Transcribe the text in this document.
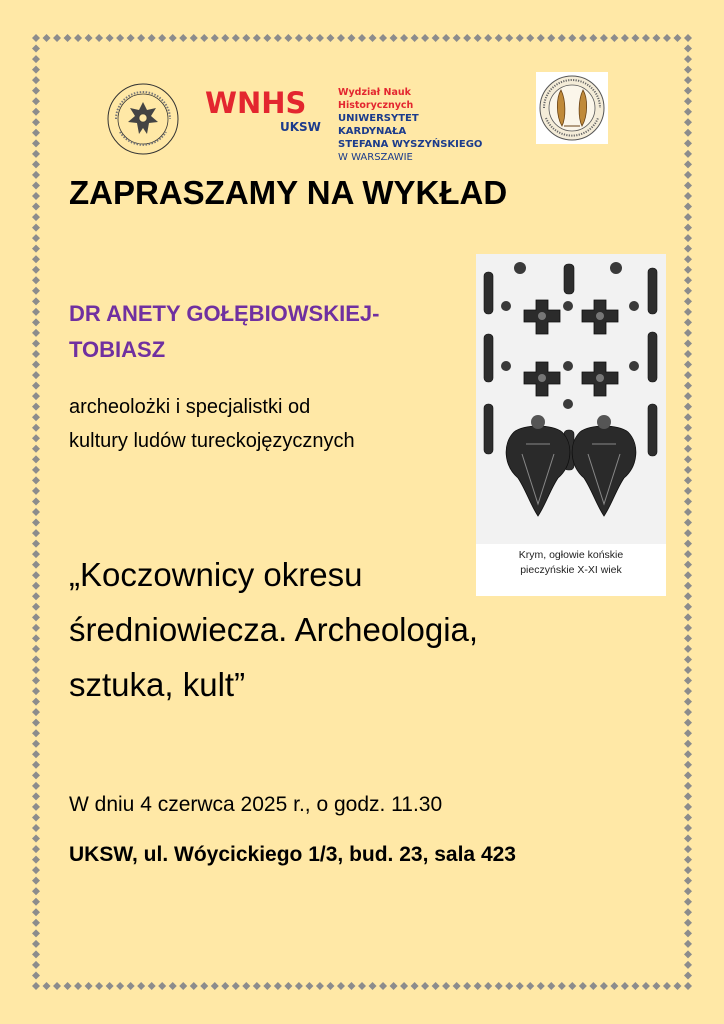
WNHS
UKSW
Wydział Nauk Historycznych
UNIWERSYTET KARDYNAŁA
STEFANA WYSZYŃSKIEGO
W WARSZAWIE
ZAPRASZAMY NA WYKŁAD
DR ANETY GOŁĘBIOWSKIEJ-
TOBIASZ
archeolożki i specjalistki od
kultury ludów tureckojęzycznych
„Koczownicy okresu
średniowiecza. Archeologia,
sztuka, kult”
Krym, ogłowie końskie
pieczyńskie X-XI wiek
W dniu 4 czerwca 2025 r., o godz. 11.30
UKSW, ul. Wóycickiego 1/3, bud. 23, sala 423
